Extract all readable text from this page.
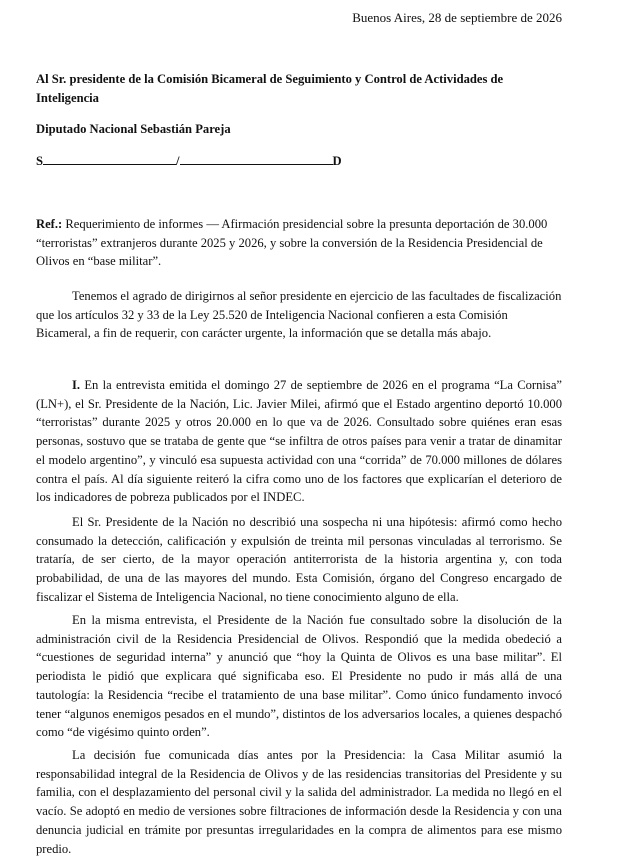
Buenos Aires, 28 de septiembre de 2026
Al Sr. presidente de la Comisión Bicameral de Seguimiento y Control de Actividades de Inteligencia
Diputado Nacional Sebastián Pareja
S	/	D

Ref.: Requerimiento de informes — Afirmación presidencial sobre la presunta deportación de 30.000 “terroristas” extranjeros durante 2025 y 2026, y sobre la conversión de la Residencia Presidencial de Olivos en “base militar”.

Tenemos el agrado de dirigirnos al señor presidente en ejercicio de las facultades de fiscalización que los artículos 32 y 33 de la Ley 25.520 de Inteligencia Nacional confieren a esta Comisión Bicameral, a fin de requerir, con carácter urgente, la información que se detalla más abajo.

I. En la entrevista emitida el domingo 27 de septiembre de 2026 en el programa “La Cornisa” (LN+), el Sr. Presidente de la Nación, Lic. Javier Milei, afirmó que el Estado argentino deportó 10.000 “terroristas” durante 2025 y otros 20.000 en lo que va de 2026. Consultado sobre quiénes eran esas personas, sostuvo que se trataba de gente que “se infiltra de otros países para venir a tratar de dinamitar el modelo argentino”, y vinculó esa supuesta actividad con una “corrida” de 70.000 millones de dólares contra el país. Al día siguiente reiteró la cifra como uno de los factores que explicarían el deterioro de los indicadores de pobreza publicados por el INDEC.

El Sr. Presidente de la Nación no describió una sospecha ni una hipótesis: afirmó como hecho consumado la detección, calificación y expulsión de treinta mil personas vinculadas al terrorismo. Se trataría, de ser cierto, de la mayor operación antiterrorista de la historia argentina y, con toda probabilidad, de una de las mayores del mundo. Esta Comisión, órgano del Congreso encargado de fiscalizar el Sistema de Inteligencia Nacional, no tiene conocimiento alguno de ella.

En la misma entrevista, el Presidente de la Nación fue consultado sobre la disolución de la administración civil de la Residencia Presidencial de Olivos. Respondió que la medida obedeció a “cuestiones de seguridad interna” y anunció que “hoy la Quinta de Olivos es una base militar”. El periodista le pidió que explicara qué significaba eso. El Presidente no pudo ir más allá de una tautología: la Residencia “recibe el tratamiento de una base militar”. Como único fundamento invocó tener “algunos enemigos pesados en el mundo”, distintos de los adversarios locales, a quienes despachó como “de vigésimo quinto orden”.

La decisión fue comunicada días antes por la Presidencia: la Casa Militar asumió la responsabilidad integral de la Residencia de Olivos y de las residencias transitorias del Presidente y su familia, con el desplazamiento del personal civil y la salida del administrador. La medida no llegó en el vacío. Se adoptó en medio de versiones sobre filtraciones de información desde la Residencia y con una denuncia judicial en trámite por presuntas irregularidades en la compra de alimentos para ese mismo predio.
